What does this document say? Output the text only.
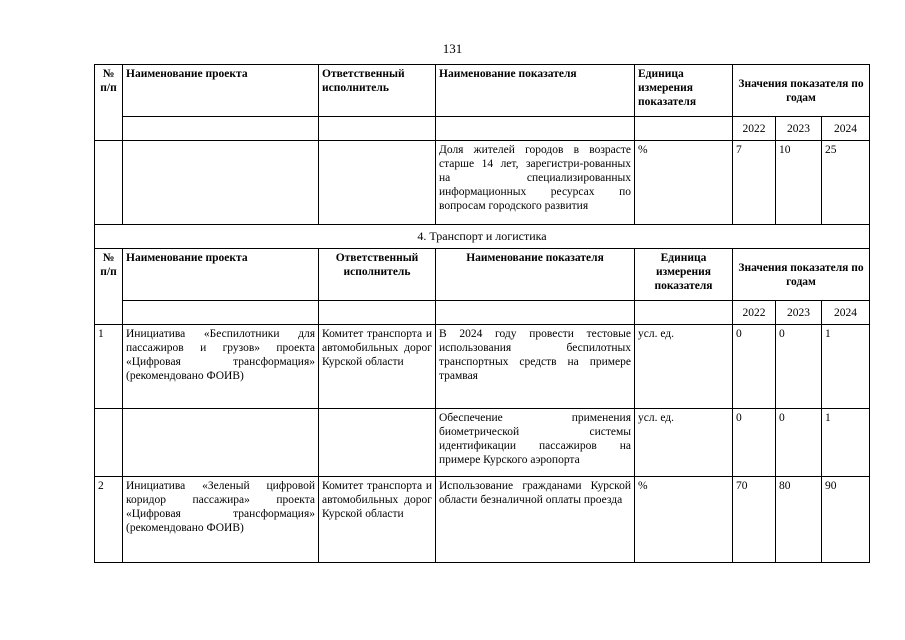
131
№ п/п	Наименование проекта	Ответственный исполнитель	Наименование показателя	Единица измерения показателя	Значения показателя по годам		
					2022	2023	2024
			Доля жителей городов в возрасте старше 14 лет, зарегистри-рованных на специализированных информационных ресурсах по вопросам городского развития	%	7	10	25
4. Транспорт и логистика							
№ п/п	Наименование проекта	Ответственный исполнитель	Наименование показателя	Единица измерения показателя	Значения показателя по годам		
					2022	2023	2024
1	Инициатива «Беспилотники для пассажиров и грузов» проекта «Цифровая трансформация» (рекомендовано ФОИВ)	Комитет транспорта и автомобильных дорог Курской области	В 2024 году провести тестовые использования беспилотных транспортных средств на примере трамвая	усл. ед.	0	0	1
			Обеспечение применения биометрической системы идентификации пассажиров на примере Курского аэропорта	усл. ед.	0	0	1
2	Инициатива «Зеленый цифровой коридор пассажира» проекта «Цифровая трансформация» (рекомендовано ФОИВ)	Комитет транспорта и автомобильных дорог Курской области	Использование гражданами Курской области безналичной оплаты проезда	%	70	80	90
